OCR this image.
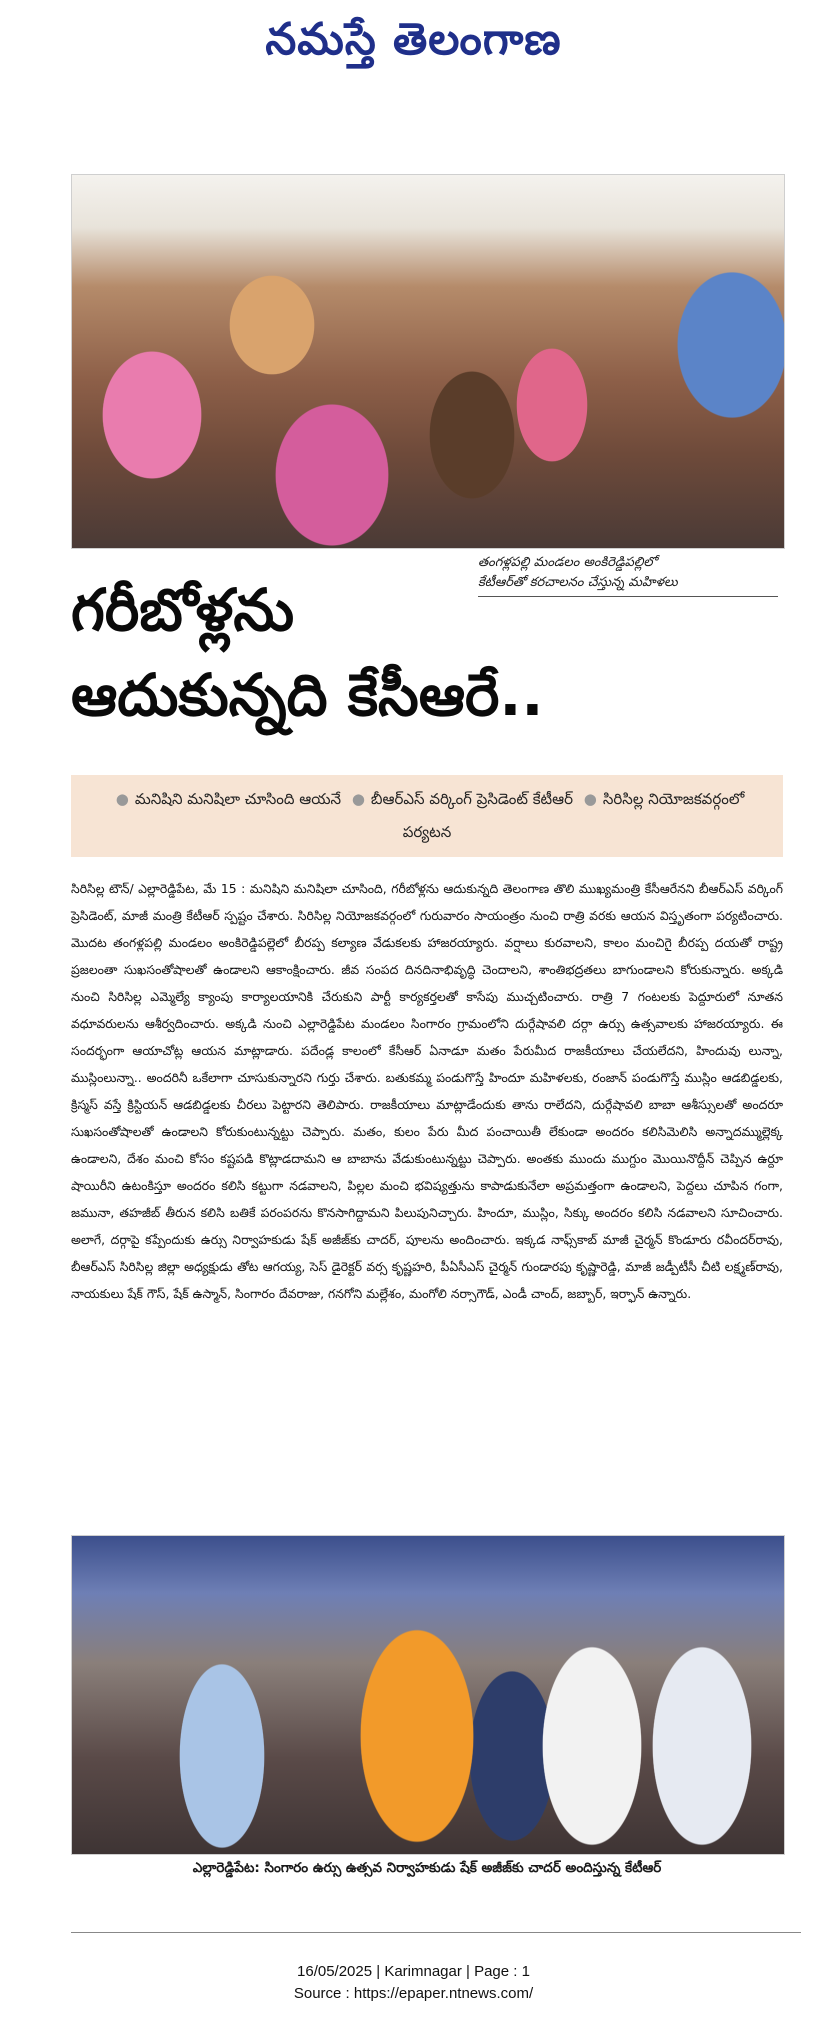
నమస్తే తెలంగాణ
తంగళ్లపల్లి మండలం అంకిరెడ్డిపల్లిలో
కేటీఆర్‌తో కరచాలనం చేస్తున్న మహిళలు
గరీబోళ్లను
ఆదుకున్నది కేసీఆరే..
● మనిషిని మనిషిలా చూసింది ఆయనే ● బీఆర్‌ఎస్ వర్కింగ్ ప్రెసిడెంట్ కేటీఆర్ ● సిరిసిల్ల నియోజకవర్గంలో పర్యటన
సిరిసిల్ల టౌన్/ ఎల్లారెడ్డిపేట, మే 15 : మనిషిని మనిషిలా చూసింది, గరీబోళ్లను ఆదుకున్నది తెలంగాణ తొలి ముఖ్యమంత్రి కేసీఆరేనని బీఆర్‌ఎస్ వర్కింగ్ ప్రెసిడెంట్, మాజీ మంత్రి కేటీఆర్ స్పష్టం చేశారు. సిరిసిల్ల నియోజకవర్గంలో గురువారం సాయంత్రం నుంచి రాత్రి వరకు ఆయన విస్తృతంగా పర్యటించారు. మొదట తంగళ్లపల్లి మండలం అంకిరెడ్డిపల్లెలో బీరప్ప కల్యాణ వేడుకలకు హాజరయ్యారు. వర్షాలు కురవాలని, కాలం మంచిగై బీరప్ప దయతో రాష్ట్ర ప్రజలంతా సుఖసంతోషాలతో ఉండాలని ఆకాంక్షించారు. జీవ సంపద దినదినాభివృద్ధి చెందాలని, శాంతిభద్రతలు బాగుండాలని కోరుకున్నారు. అక్కడి నుంచి సిరిసిల్ల ఎమ్మెల్యే క్యాంపు కార్యాలయానికి చేరుకుని పార్టీ కార్యకర్తలతో కాసేపు ముచ్చటించారు. రాత్రి 7 గంటలకు పెద్దూరులో నూతన వధూవరులను ఆశీర్వదించారు. అక్కడి నుంచి ఎల్లారెడ్డిపేట మండలం సింగారం గ్రామంలోని దుర్గేషావలి దర్గా ఉర్సు ఉత్సవాలకు హాజరయ్యారు. ఈ సందర్భంగా ఆయాచోట్ల ఆయన మాట్లాడారు. పదేండ్ల కాలంలో కేసీఆర్ ఏనాడూ మతం పేరుమీద రాజకీయాలు చేయలేదని, హిందువు లున్నా, ముస్లింలున్నా.. అందరినీ ఒకేలాగా చూసుకున్నారని గుర్తు చేశారు. బతుకమ్మ పండుగొస్తే హిందూ మహిళలకు, రంజాన్ పండుగొస్తే ముస్లిం ఆడబిడ్డలకు, క్రిస్మస్ వస్తే క్రిస్టియన్ ఆడబిడ్డలకు చీరలు పెట్టారని తెలిపారు. రాజకీయాలు మాట్లాడేందుకు తాను రాలేదని, దుర్గేషావలి బాబా ఆశీస్సులతో అందరూ సుఖసంతోషాలతో ఉండాలని కోరుకుంటున్నట్టు చెప్పారు. మతం, కులం పేరు మీద పంచాయితీ లేకుండా అందరం కలిసిమెలిసి అన్నాదమ్ముల్లెక్క ఉండాలని, దేశం మంచి కోసం కష్టపడి కొట్లాడదామని ఆ బాబాను వేడుకుంటున్నట్టు చెప్పారు. అంతకు ముందు ముగ్దుం మొయినొద్దీన్ చెప్పిన ఉర్దూ షాయిరీని ఉటంకిస్తూ అందరం కలిసి కట్టుగా నడవాలని, పిల్లల మంచి భవిష్యత్తును కాపాడుకునేలా అప్రమత్తంగా ఉండాలని, పెద్దలు చూపిన గంగా, జమునా, తహజీబ్ తీరున కలిసి బతికే పరంపరను కొనసాగిద్దామని పిలుపునిచ్చారు. హిందూ, ముస్లిం, సిక్కు అందరం కలిసి నడవాలని సూచించారు. అలాగే, దర్గాపై కప్పేందుకు ఉర్సు నిర్వాహకుడు షేక్ అజీజ్‌కు చాదర్, పూలను అందించారు. ఇక్కడ నాఫ్స్‌కాబ్ మాజీ చైర్మన్ కొండూరు రవీందర్‌రావు, బీఆర్‌ఎస్ సిరిసిల్ల జిల్లా అధ్యక్షుడు తోట ఆగయ్య, సెస్ డైరెక్టర్ వర్స కృష్ణహరి, పీఏసీఎస్ చైర్మన్ గుండారపు కృష్ణారెడ్డి, మాజీ జడ్పీటీసీ చీటి లక్ష్మణ్‌రావు, నాయకులు షేక్ గౌస్, షేక్ ఉస్మాన్, సింగారం దేవరాజు, గనగోని మల్లేశం, మంగోలి నర్సాగౌడ్, ఎండీ చాంద్, జబ్బార్, ఇర్ఫాన్ ఉన్నారు.
ఎల్లారెడ్డిపేట: సింగారం ఉర్సు ఉత్సవ నిర్వాహకుడు షేక్ అజీజ్‌కు చాదర్ అందిస్తున్న కేటీఆర్
16/05/2025 | Karimnagar | Page : 1
Source : https://epaper.ntnews.com/
